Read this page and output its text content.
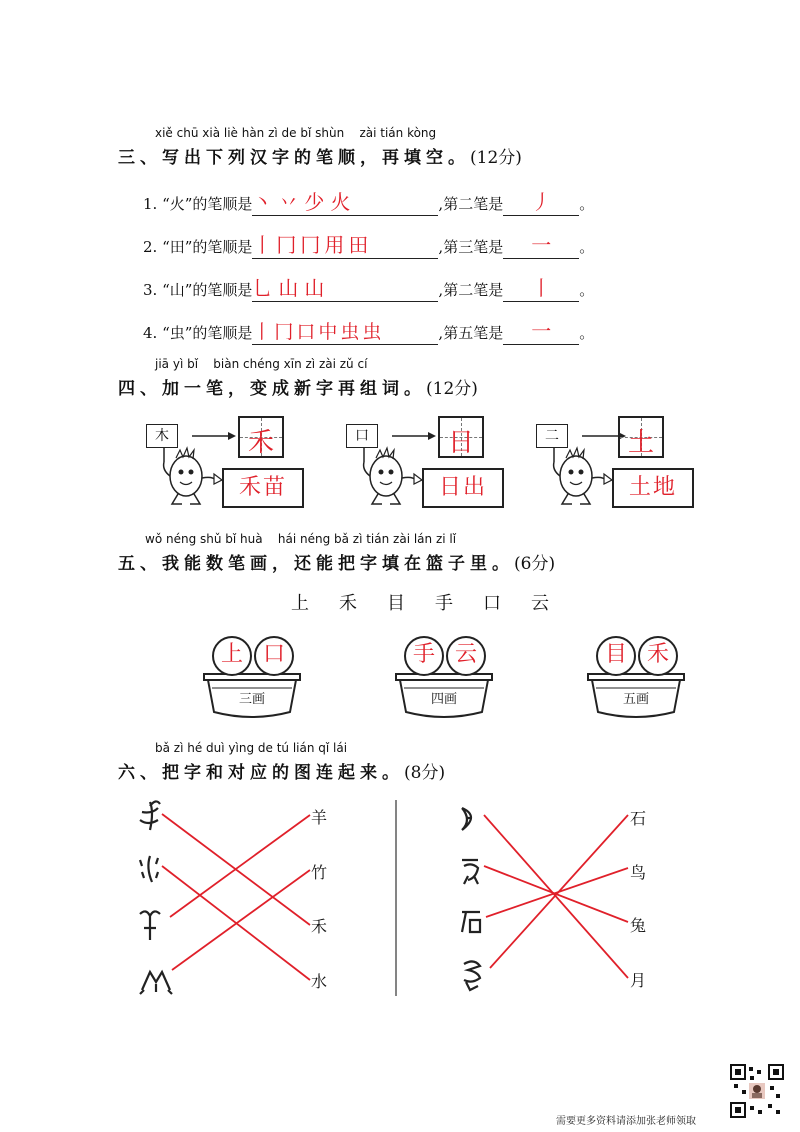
xiě chū xià liè hàn zì de bǐ shùn    zài tián kòng
三、写出下列汉字的笔顺，再填空。(12分)
1. “火”的笔顺是丶丷少火	,第二笔是 丿 。
2. “田”的笔顺是丨冂冂用田	,第三笔是 一 。
3. “山”的笔顺是乚山山	,第二笔是 丨 。
4. “虫”的笔顺是丨冂口中虫虫	,第五笔是 一 。
jiā yì bǐ    biàn chéng xīn zì zài zǔ cí
四、加一笔，变成新字再组词。(12分)
木	禾
禾苗
口	日
日出
二	土
土地
wǒ néng shǔ bǐ huà    hái néng bǎ zì tián zài lán zi lǐ
五、我能数笔画，还能把字填在篮子里。(6分)
上 禾 目 手 口 云
三画
上 口
四画
手 云
五画
目 禾
bǎ zì hé duì yìng de tú lián qǐ lái
六、把字和对应的图连起来。(8分)
羊
竹
禾
水
石
鸟
兔
月
需要更多资料请添加张老师领取
